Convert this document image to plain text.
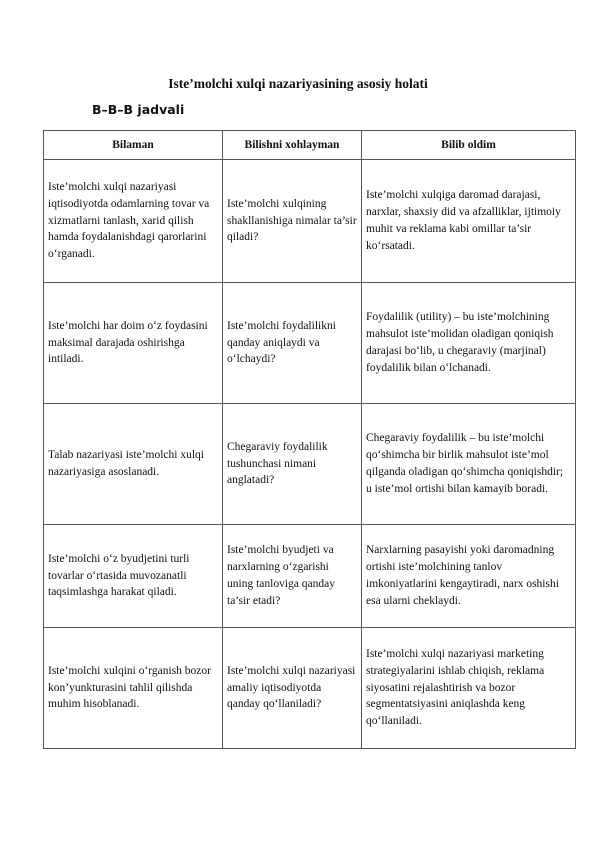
Iste’molchi xulqi nazariyasining asosiy holati
B–B–B jadvali
Bilaman	Bilishni xohlayman	Bilib oldim
Iste’molchi xulqi nazariyasi iqtisodiyotda odamlarning tovar va xizmatlarni tanlash, xarid qilish hamda foydalanishdagi qarorlarini o‘rganadi.	Iste’molchi xulqining shakllanishiga nimalar ta’sir qiladi?	Iste’molchi xulqiga daromad darajasi, narxlar, shaxsiy did va afzalliklar, ijtimoiy muhit va reklama kabi omillar ta’sir ko‘rsatadi.
Iste’molchi har doim o‘z foydasini maksimal darajada oshirishga intiladi.	Iste’molchi foydalilikni qanday aniqlaydi va o‘lchaydi?	Foydalilik (utility) – bu iste’molchining mahsulot iste’molidan oladigan qoniqish darajasi bo‘lib, u chegaraviy (marjinal) foydalilik bilan o‘lchanadi.
Talab nazariyasi iste’molchi xulqi nazariyasiga asoslanadi.	Chegaraviy foydalilik tushunchasi nimani anglatadi?	Chegaraviy foydalilik – bu iste’molchi qo‘shimcha bir birlik mahsulot iste’mol qilganda oladigan qo‘shimcha qoniqishdir; u iste’mol ortishi bilan kamayib boradi.
Iste’molchi o‘z byudjetini turli tovarlar o‘rtasida muvozanatli taqsimlashga harakat qiladi.	Iste’molchi byudjeti va narxlarning o‘zgarishi uning tanloviga qanday ta’sir etadi?	Narxlarning pasayishi yoki daromadning ortishi iste’molchining tanlov imkoniyatlarini kengaytiradi, narx oshishi esa ularni cheklaydi.
Iste’molchi xulqini o‘rganish bozor kon’yunkturasini tahlil qilishda muhim hisoblanadi.	Iste’molchi xulqi nazariyasi amaliy iqtisodiyotda qanday qo‘llaniladi?	Iste’molchi xulqi nazariyasi marketing strategiyalarini ishlab chiqish, reklama siyosatini rejalashtirish va bozor segmentatsiyasini aniqlashda keng qo‘llaniladi.
